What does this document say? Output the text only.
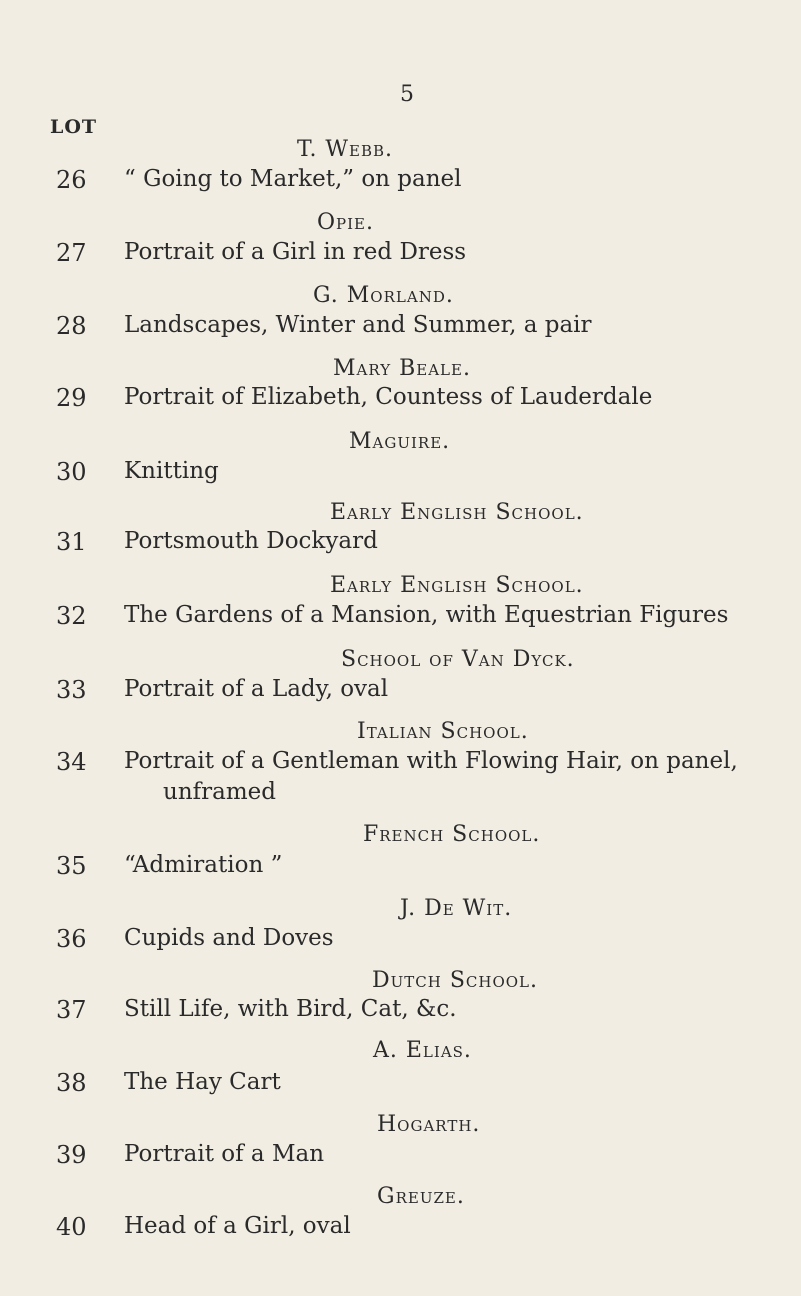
LOT
5
T. Webb.
26	“ Going to Market,” on panel
Opie.
27	Portrait of a Girl in red Dress
G. Morland.
28	Landscapes, Winter and Summer, a pair
Mary Beale.
29	Portrait of Elizabeth, Countess of Lauderdale
Maguire.
30	Knitting
Early English School.
31	Portsmouth Dockyard
Early English School.
32	The Gardens of a Mansion, with Equestrian Figures
School of Van Dyck.
33	Portrait of a Lady, oval
Italian School.
34	Portrait of a Gentleman with Flowing Hair, on panel,
unframed
French School.
35	“Admiration ”
J. De Wit.
36	Cupids and Doves
Dutch School.
37	Still Life, with Bird, Cat, &c.
A. Elias.
38	The Hay Cart
Hogarth.
39	Portrait of a Man
Greuze.
40	Head of a Girl, oval
